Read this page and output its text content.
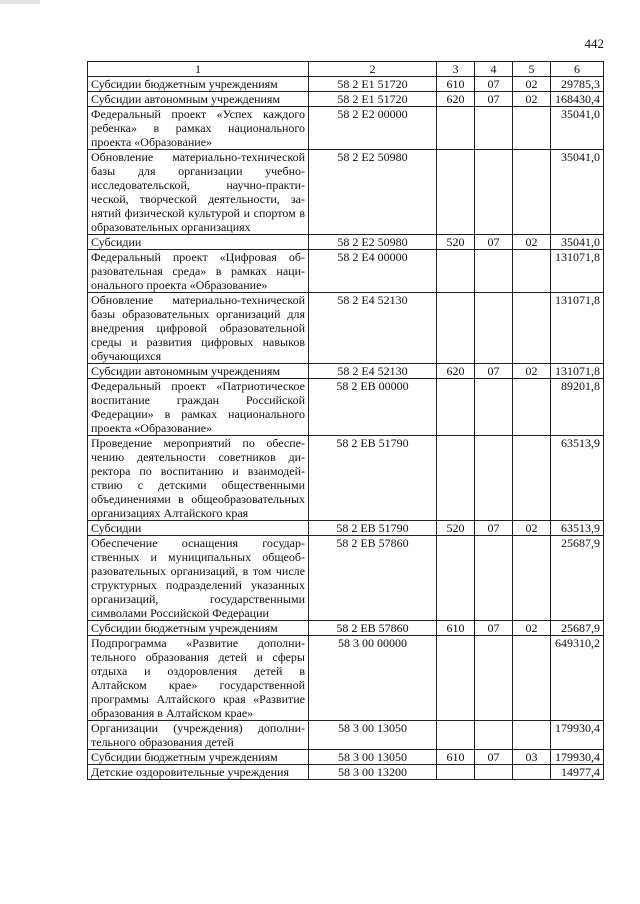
442
1	2	3	4	5	6
Субсидии бюджетным учреждениям	58 2 E1 51720	610	07	02	29785,3
Субсидии автономным учреждениям	58 2 E1 51720	620	07	02	168430,4
Федеральный проект «Успех каждого ребенка» в рамках национального проекта «Образование»	58 2 E2 00000				35041,0
Обновление материально-технической базы для организации учебно-исследовательской, научно-практической, творческой деятельности, занятий физической культурой и спортом в образовательных организациях	58 2 E2 50980				35041,0
Субсидии	58 2 E2 50980	520	07	02	35041,0
Федеральный проект «Цифровая образовательная среда» в рамках национального проекта «Образование»	58 2 E4 00000				131071,8
Обновление материально-технической базы образовательных организаций для внедрения цифровой образовательной среды и развития цифровых навыков обучающихся	58 2 E4 52130				131071,8
Субсидии автономным учреждениям	58 2 E4 52130	620	07	02	131071,8
Федеральный проект «Патриотическое воспитание граждан Российской Федерации» в рамках национального проекта «Образование»	58 2 EB 00000				89201,8
Проведение мероприятий по обеспечению деятельности советников директора по воспитанию и взаимодействию с детскими общественными объединениями в общеобразовательных организациях Алтайского края	58 2 EB 51790				63513,9
Субсидии	58 2 EB 51790	520	07	02	63513,9
Обеспечение оснащения государственных и муниципальных общеобразовательных организаций, в том числе структурных подразделений указанных организаций, государственными символами Российской Федерации	58 2 EB 57860				25687,9
Субсидии бюджетным учреждениям	58 2 EB 57860	610	07	02	25687,9
Подпрограмма «Развитие дополнительного образования детей и сферы отдыха и оздоровления детей в Алтайском крае» государственной программы Алтайского края «Развитие образования в Алтайском крае»	58 3 00 00000				649310,2
Организации (учреждения) дополнительного образования детей	58 3 00 13050				179930,4
Субсидии бюджетным учреждениям	58 3 00 13050	610	07	03	179930,4
Детские оздоровительные учреждения	58 3 00 13200				14977,4
